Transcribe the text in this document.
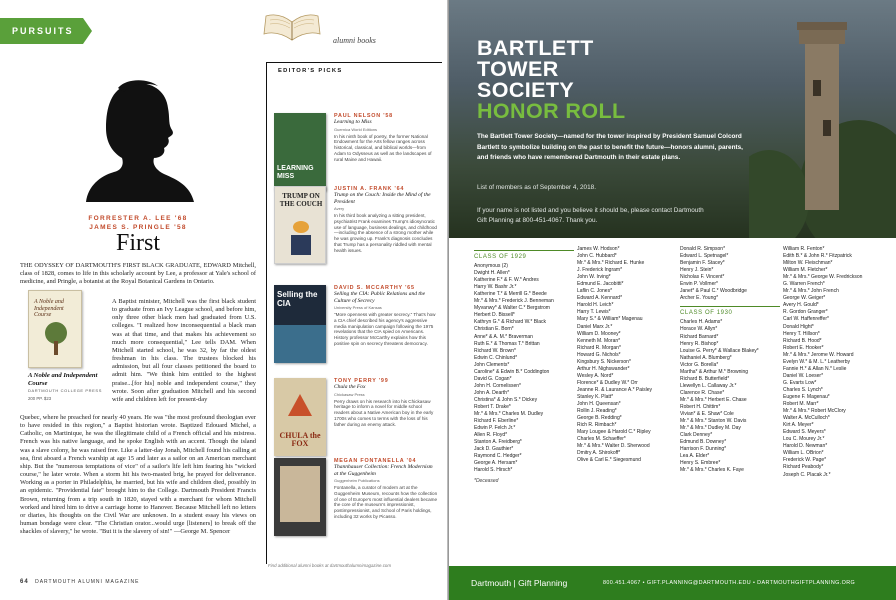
PURSUITS
alumni books
FORRESTER A. LEE '68
JAMES S. PRINGLE '58
First
THE ODYSSEY OF DARTMOUTH'S FIRST BLACK GRADUATE, EDWARD Mitchell, class of 1828, comes to life in this scholarly account by Lee, a professor at Yale's school of medicine, and Pringle, a botanist at the Royal Botanical Gardens in Ontario.
A Noble and Independent Course
A Baptist minister, Mitchell was the first black student to graduate from an Ivy League school, and before him, only three other black men had graduated from U.S. colleges. "I realized how inconsequential a black man was at that time, and that makes his achievement so much more consequential," Lee tells DAM. When Mitchell started school, he was 32, by far the oldest freshman in his class. The trustees blocked his admission, but all four classes petitioned the board to admit him. "We think him entitled to the highest praise...[for his] noble and independent course," they wrote. Soon after graduation Mitchell and his second wife and children left for present-day
A Noble and Independent Course
DARTMOUTH COLLEGE PRESS
200 PP. $23
Quebec, where he preached for nearly 40 years. He was "the most profound theologian ever to have resided in this region," a Baptist historian wrote. Baptized Edouard Michel, a Catholic, on Martinique, he was the illegitimate child of a French official and his mistress. French was his native language, and he spoke English with an accent. Though the island was a slave colony, he was raised free. Like a latter-day Jonah, Mitchell found his calling at sea, first aboard a French warship at age 15 and later as a sailor on an American merchant ship. But the "numerous temptations of vice" of a sailor's life left him fearing his "wicked course," he later wrote. When a storm hit his two-masted brig, he prayed for deliverance. Working as a porter in Philadelphia, he married, but his wife and children died, possibly in an epidemic. "Providential fate" brought him to the College. Dartmouth President Francis Brown, returning from a trip south in 1820, stayed with a merchant for whom Mitchell worked and hired him to drive a carriage home to Hanover. Because Mitchell left no letters or diaries, his thoughts on the Civil War are unknown. In a student essay his views on human bondage were clear. "The Christian orator...would urge [listeners] to break off the shackles of slavery," he wrote. "But it is the slavery of sin!" —George M. Spencer
64 DARTMOUTH ALUMNI MAGAZINE
EDITOR'S PICKS
LEARNING MISS
PAUL NELSON '58
Learning to Miss
Guernica World Editions
In his ninth book of poetry, the former National Endowment for the Arts fellow ranges across historical, classical, and biblical worlds—from Adam to Odysseus as well as the landscapes of rural Maine and Hawaii.
TRUMP ON THE COUCH
JUSTIN A. FRANK '64
Trump on the Couch: Inside the Mind of the President
Avery
In his third book analyzing a sitting president, psychiatrist Frank examines Trump's idiosyncratic use of language, business dealings, and childhood—including the absence of a strong mother while he was growing up. Frank's diagnosis concludes that Trump has a personality riddled with mental health issues.
Selling the CIA
DAVID S. MCCARTHY '65
Selling the CIA: Public Relations and the Culture of Secrecy
University Press of Kansas
"More openness with greater secrecy." That's how a CIA chief described his agency's aggressive media manipulation campaign following the 1975 revelations that the CIA spied on Americans. History professor McCarthy explains how this positive spin on secrecy threatens democracy.
CHULA the FOX
TONY PERRY '99
Chula the Fox
Chickasaw Press
Perry draws on his research into his Chickasaw heritage to inform a novel for middle school readers about a Native American boy in the early 1700s who comes to terms with the loss of his father during an enemy attack.
MEGAN FONTANELLA '04
Thannhauser Collection: French Modernism at the Guggenheim
Guggenheim Publications
Fontanella, a curator of modern art at the Guggenheim Museum, recounts how the collection of one of Europe's most influential dealers became the core of the museum's impressionist, postimpressionist, and School of Paris holdings, including 32 works by Picasso.
Find additional alumni books at dartmouthalumnimagazine.com
BARTLETT
TOWER
SOCIETY
HONOR ROLL
The Bartlett Tower Society—named for the tower inspired by President Samuel Colcord Bartlett to symbolize building on the past to benefit the future—honors alumni, parents, and friends who have remembered Dartmouth in their estate plans.
List of members as of September 4, 2018.
If your name is not listed and you believe it should be, please contact Dartmouth Gift Planning at 800-451-4067. Thank you.
CLASS OF 1929
Anonymous (2)
Dwight H. Allen*
Katherine F.* & F. W.* Andres
Harry W. Bashr Jr.*
Katherine T.* & Merrill G.* Beede
Mr.* & Mrs.* Frederick J. Benneman
Myvanwy* & Walter C.* Bergstrom
Herbert D. Bissell*
Kathryn G.* & Richard W.* Black
Christian E. Born*
Anne* & A. M.* Braverman
Ruth E.* & Thomas T.* Brittan
Richard W. Brown*
Edwin C. Chinlund*
John Clements*
Caroline* & Edwin B.* Coddington
David G. Cogan*
John H. Cornelissen*
John A. Dearth*
Christina* & John S.* Dickey
Robert T. Drake*
Mr.* & Mrs.* Charles M. Dudley
Richard F. Eberline*
Edwin P. Felch Jr.*
Allen R. Floyd*
Stanton A. Freidberg*
Jack D. Gauthier*
Raymond C. Hedger*
George A. Hersam*
Harold S. Hirsch*
*Deceased
James W. Hodson*
John C. Hubbard*
Mr.* & Mrs.* Richard E. Hunke
J. Frederick Ingram*
John W. Irving*
Edmund E. Jacobitti*
Laflin C. Jones*
Edward A. Kennard*
Harold H. Leich*
Harry T. Lewis*
Mary S.* & William* Magenau
Daniel Marx Jr.*
William D. Mooney*
Kenneth M. Moran*
Richard R. Morgan*
Howard G. Nichols*
Kingsbury S. Nickerson*
Arthur H. Nighswander*
Wesley A. Nord*
Florence* & Dudley W.* Orr
Jeanne R. & Laurance A.* Paisley
Stanley K. Platt*
John H. Queensan*
Rollin J. Reading*
George B. Redding*
Rich R. Rimbach*
Mary Lougee & Harold C.* Ripley
Charles M. Schaeffer*
Mr.* & Mrs.* Walter D. Sherwood
Dmitry A. Shirokoff*
Olive & Carl E.* Siegesmund
Donald R. Simpson*
Edward L. Spetnagel*
Benjamin F. Stacey*
Henry J. Stein*
Nicholas F. Vincent*
Erwin P. Vollmer*
Janet* & Paul C.* Woodbridge
Archer E. Young*
CLASS OF 1930
Charles H. Adams*
Horace W. Allyn*
Richard Barnard*
Henry R. Bishop*
Louise G. Perry* & Wallace Blakey*
Nathaniel A. Blumberg*
Victor G. Borella*
Martha* & Arthur M.* Browning
Richard B. Butterfield*
Llewellyn L. Callaway Jr.*
Clarence R. Chase*
Mr.* & Mrs.* Herbert E. Chase
Robert H. Chittim*
Vivian* & E. Shaw* Cole
Mr.* & Mrs.* Stanton W. Davis
Mr.* & Mrs.* Dudley M. Day
Clark Denney*
Edmund B. Downey*
Harrison F. Dunning*
Lea A. Elder*
Henry S. Embree*
Mr.* & Mrs.* Charles K. Faye
William R. Fenton*
Edith B.* & John R.* Fitzpatrick
Milton W. Fleischman*
William M. Fletcher*
Mr.* & Mrs.* George W. Fredrickson
G. Warren French*
Mr.* & Mrs.* John French
George W. Geiger*
Avery H. Gould*
R. Gordon Granger*
Carl W. Haffenreffer*
Donald Hight*
Henry T. Hillson*
Richard B. Hood*
Robert E. Hooker*
Mr.* & Mrs.* Jerome W. Howard
Evelyn W.* & M. L.* Leatherby
Fannie H.* & Allan N.* Leslie
Daniel W. Loeser*
G. Evarts Low*
Charles S. Lynch*
Eugene F. Magenau*
Robert M. Marr*
Mr.* & Mrs.* Robert McClory
Walter A. McCulloch*
Kirt A. Meyer*
Edward S. Meyers*
Lou C. Mourey Jr.*
Harold D. Newman*
William L. OBrion*
Frederick W. Page*
Richard Peabody*
Joseph C. Placak Jr.*
Dartmouth | Gift Planning	800.451.4067 • GIFT.PLANNING@DARTMOUTH.EDU • DARTMOUTHGIFTPLANNING.ORG
